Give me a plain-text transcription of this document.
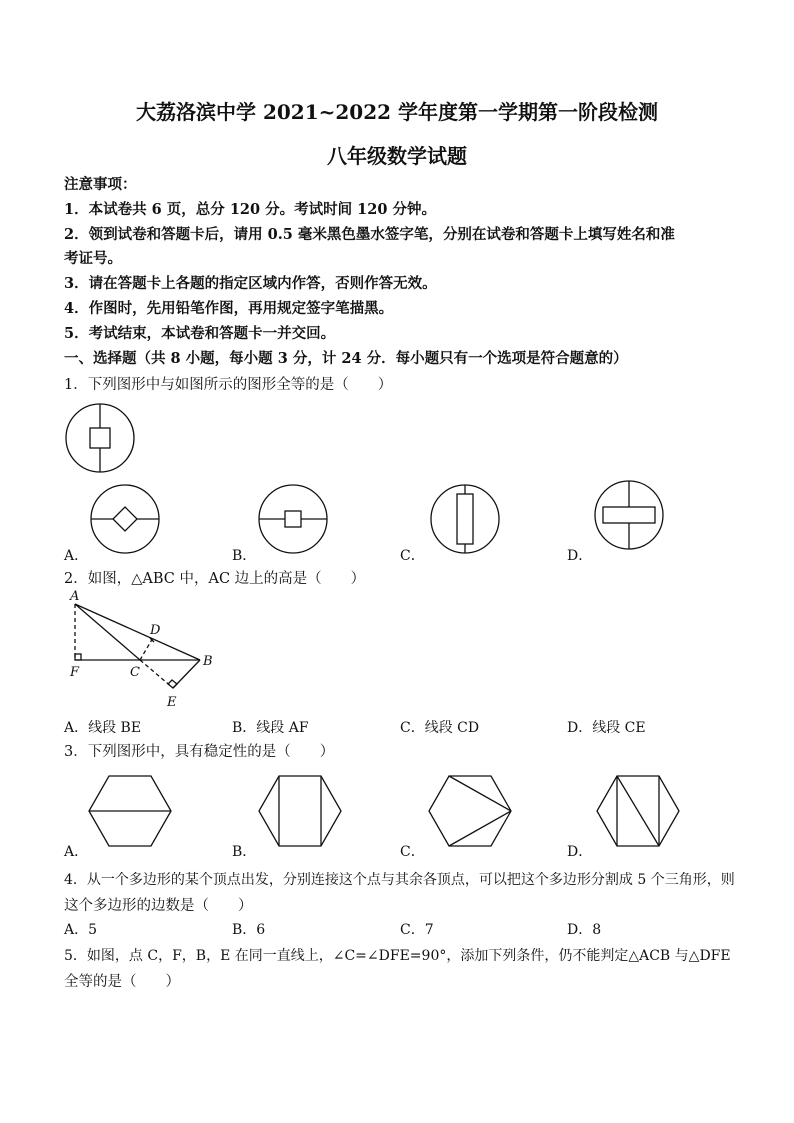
大荔洛滨中学 2021~2022 学年度第一学期第一阶段检测
八年级数学试题
注意事项：
1．本试卷共 6 页，总分 120 分。考试时间 120 分钟。
2．领到试卷和答题卡后，请用 0.5 毫米黑色墨水签字笔，分别在试卷和答题卡上填写姓名和准
考证号。
3．请在答题卡上各题的指定区域内作答，否则作答无效。
4．作图时，先用铅笔作图，再用规定签字笔描黑。
5．考试结束，本试卷和答题卡一并交回。
一、选择题（共 8 小题，每小题 3 分，计 24 分．每小题只有一个选项是符合题意的）
1．下列图形中与如图所示的图形全等的是（　　）
A．	B．	C．	D．
2．如图，△ABC 中，AC 边上的高是（　　）
A
D
F	C
B
E
A．线段 BE	B．线段 AF	C．线段 CD	D．线段 CE
3．下列图形中，具有稳定性的是（　　）
A．	B．	C．	D．
4．从一个多边形的某个顶点出发，分别连接这个点与其余各顶点，可以把这个多边形分割成 5 个三角形，则
这个多边形的边数是（　　）
A．5	B．6	C．7	D．8
5．如图，点 C，F，B，E 在同一直线上，∠C=∠DFE=90°，添加下列条件，仍不能判定△ACB 与△DFE
全等的是（　　）
